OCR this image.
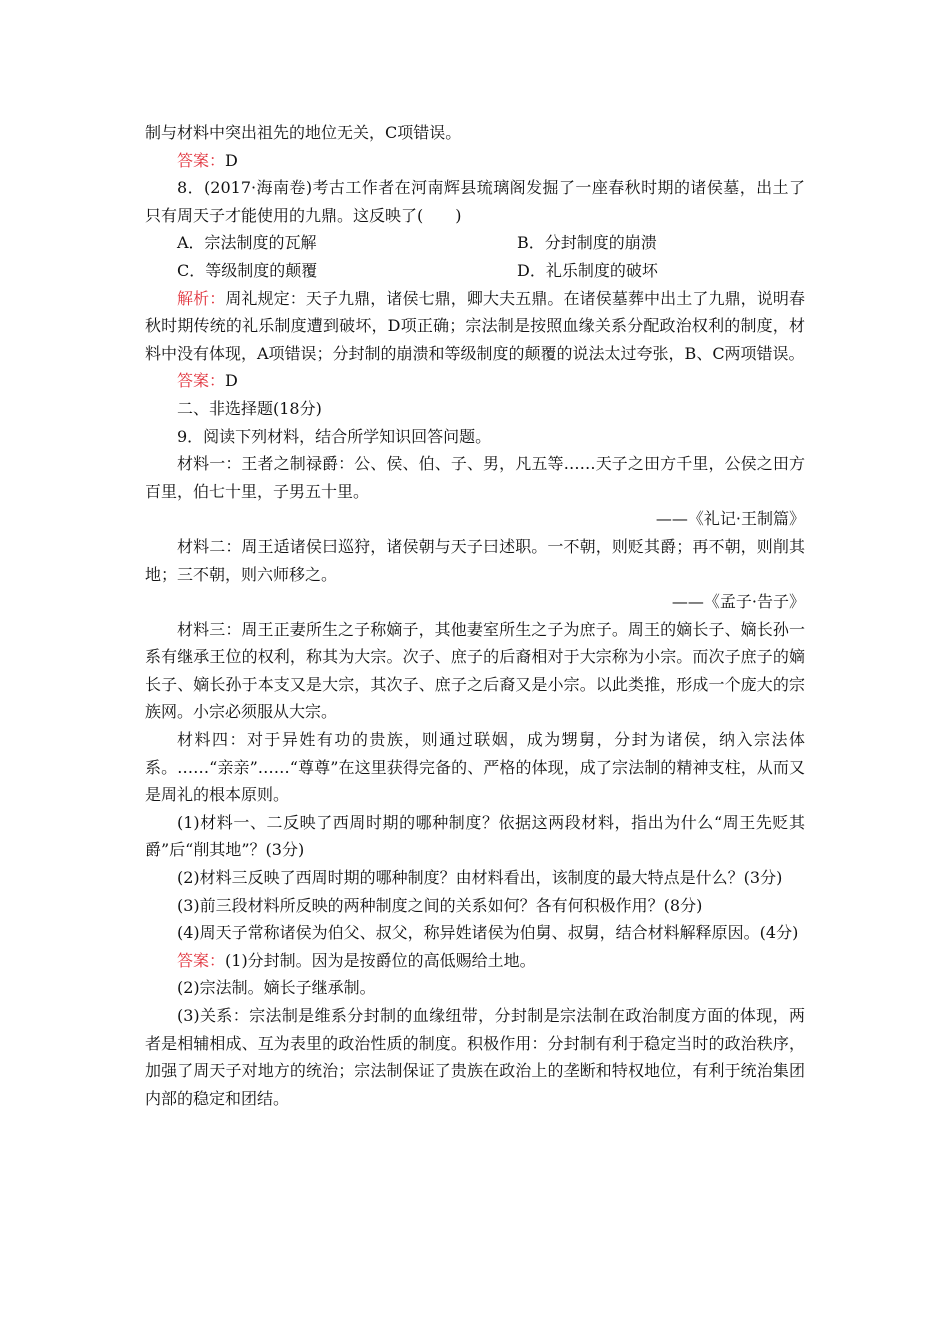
制与材料中突出祖先的地位无关，C项错误。

答案：D

8．(2017·海南卷)考古工作者在河南辉县琉璃阁发掘了一座春秋时期的诸侯墓，出土了只有周天子才能使用的九鼎。这反映了(　　)

A．宗法制度的瓦解	B．分封制度的崩溃
C．等级制度的颠覆	D．礼乐制度的破坏

解析：周礼规定：天子九鼎，诸侯七鼎，卿大夫五鼎。在诸侯墓葬中出土了九鼎，说明春秋时期传统的礼乐制度遭到破坏，D项正确；宗法制是按照血缘关系分配政治权利的制度，材料中没有体现，A项错误；分封制的崩溃和等级制度的颠覆的说法太过夸张，B、C两项错误。

答案：D

二、非选择题(18分)

9．阅读下列材料，结合所学知识回答问题。

材料一：王者之制禄爵：公、侯、伯、子、男，凡五等……天子之田方千里，公侯之田方百里，伯七十里，子男五十里。

——《礼记·王制篇》

材料二：周王适诸侯曰巡狩，诸侯朝与天子曰述职。一不朝，则贬其爵；再不朝，则削其地；三不朝，则六师移之。

——《孟子·告子》

材料三：周王正妻所生之子称嫡子，其他妻室所生之子为庶子。周王的嫡长子、嫡长孙一系有继承王位的权利，称其为大宗。次子、庶子的后裔相对于大宗称为小宗。而次子庶子的嫡长子、嫡长孙于本支又是大宗，其次子、庶子之后裔又是小宗。以此类推，形成一个庞大的宗族网。小宗必须服从大宗。

材料四：对于异姓有功的贵族，则通过联姻，成为甥舅，分封为诸侯，纳入宗法体系。……“亲亲”……“尊尊”在这里获得完备的、严格的体现，成了宗法制的精神支柱，从而又是周礼的根本原则。

(1)材料一、二反映了西周时期的哪种制度？依据这两段材料，指出为什么“周王先贬其爵”后“削其地”？(3分)

(2)材料三反映了西周时期的哪种制度？由材料看出，该制度的最大特点是什么？(3分)

(3)前三段材料所反映的两种制度之间的关系如何？各有何积极作用？(8分)

(4)周天子常称诸侯为伯父、叔父，称异姓诸侯为伯舅、叔舅，结合材料解释原因。(4分)

答案：(1)分封制。因为是按爵位的高低赐给土地。

(2)宗法制。嫡长子继承制。

(3)关系：宗法制是维系分封制的血缘纽带，分封制是宗法制在政治制度方面的体现，两者是相辅相成、互为表里的政治性质的制度。积极作用：分封制有利于稳定当时的政治秩序，加强了周天子对地方的统治；宗法制保证了贵族在政治上的垄断和特权地位，有利于统治集团内部的稳定和团结。
